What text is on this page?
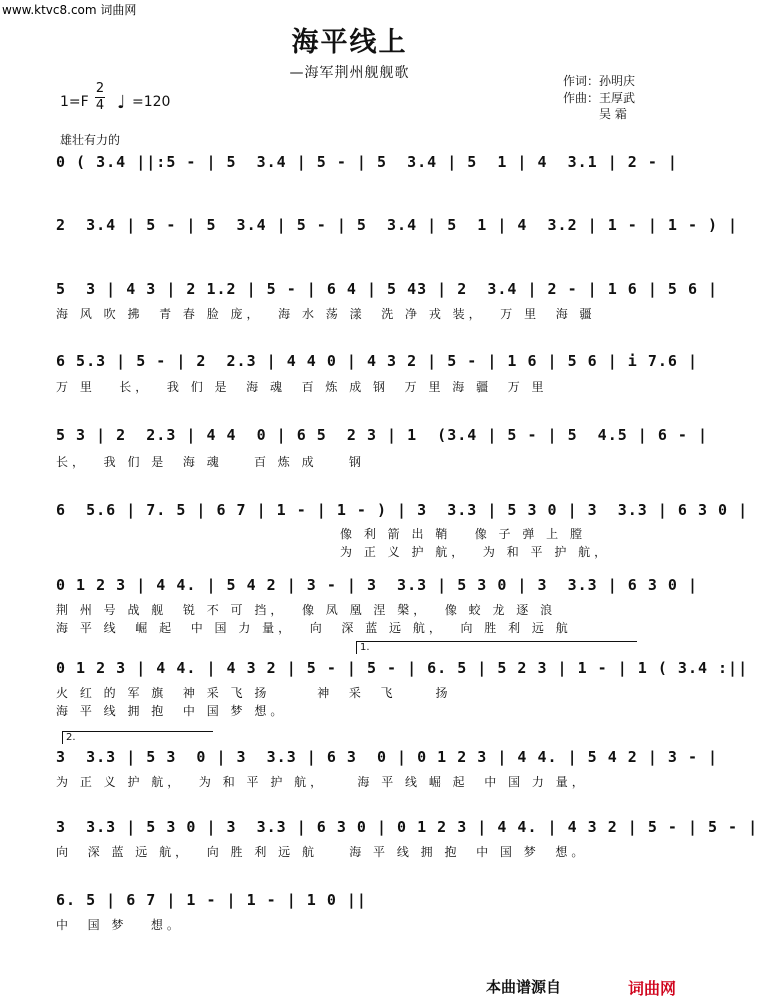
www.ktvc8.com 词曲网
海平线上
—海军荆州舰舰歌	作词：孙明庆
作曲：王厚武
吴 霜
1=F
2
4 ♩ =120
雄壮有力的
0 ( 3.4 ||:5 - | 5  3.4 | 5 - | 5  3.4 | 5  1 | 4  3.1 | 2 - |
2  3.4 | 5 - | 5  3.4 | 5 - | 5  3.4 | 5  1 | 4  3.2 | 1 - | 1 - ) |
5  3 | 4 3 | 2 1.2 | 5 - | 6 4 | 5 43 | 2  3.4 | 2 - | 1 6 | 5 6 |
海 风 吹 拂  青 春 脸 庞，  海 水 荡 漾  洗 净 戎 装，  万 里  海 疆
6 5.3 | 5 - | 2  2.3 | 4 4 0 | 4 3 2 | 5 - | 1 6 | 5 6 | i 7.6 |
万 里   长，  我 们 是  海 魂  百 炼 成 钢  万 里 海 疆  万 里
5 3 | 2  2.3 | 4 4  0 | 6 5  2 3 | 1  (3.4 | 5 - | 5  4.5 | 6 - |
长，  我 们 是  海 魂    百 炼 成    钢
6  5.6 | 7. 5 | 6 7 | 1 - | 1 - ) | 3  3.3 | 5 3 0 | 3  3.3 | 6 3 0 |
像 利 箭 出 鞘   像 子 弹 上 膛
为 正 义 护 航，  为 和 平 护 航，
0 1 2 3 | 4 4. | 5 4 2 | 3 - | 3  3.3 | 5 3 0 | 3  3.3 | 6 3 0 |
荆 州 号 战 舰  锐 不 可 挡，  像 凤 凰 涅 槃，  像 蛟 龙 逐 浪
海 平 线  崛 起  中 国 力 量，  向  深 蓝 远 航，  向 胜 利 远 航
1.
0 1 2 3 | 4 4. | 4 3 2 | 5 - | 5 - | 6. 5 | 5 2 3 | 1 - | 1 ( 3.4 :||
火 红 的 军 旗  神 采 飞 扬      神  采  飞     扬
海 平 线 拥 抱  中 国 梦 想。
2.
3  3.3 | 5 3  0 | 3  3.3 | 6 3  0 | 0 1 2 3 | 4 4. | 5 4 2 | 3 - |
为 正 义 护 航，  为 和 平 护 航，    海 平 线 崛 起  中 国 力 量，
3  3.3 | 5 3 0 | 3  3.3 | 6 3 0 | 0 1 2 3 | 4 4. | 4 3 2 | 5 - | 5 - |
向  深 蓝 远 航，  向 胜 利 远 航    海 平 线 拥 抱  中 国 梦  想。
6. 5 | 6 7 | 1 - | 1 - | 1 0 ||
中  国 梦   想。
本曲谱源自	词曲网
